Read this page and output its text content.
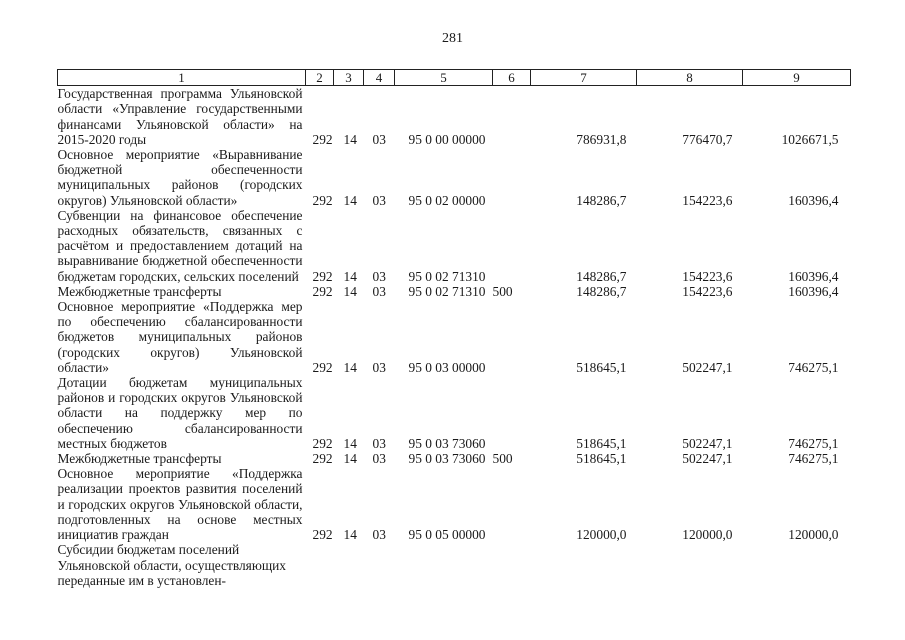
281
1	2	3	4	5	6	7	8	9
Государственная программа Ульяновской области «Управление государственными финансами Ульяновской области» на 2015-2020 годы	292	14	03	95 0 00 00000		786931,8	776470,7	1026671,5
Основное мероприятие «Выравнивание бюджетной обеспеченности муниципальных районов (городских округов) Ульяновской области»	292	14	03	95 0 02 00000		148286,7	154223,6	160396,4
Субвенции на финансовое обеспечение расходных обязательств, связанных с расчётом и предоставлением дотаций на выравнивание бюджетной обеспеченности бюджетам городских, сельских поселений	292	14	03	95 0 02 71310		148286,7	154223,6	160396,4
Межбюджетные трансферты	292	14	03	95 0 02 71310	500	148286,7	154223,6	160396,4
Основное мероприятие «Поддержка мер по обеспечению сбалансированности бюджетов муниципальных районов (городских округов) Ульяновской области»	292	14	03	95 0 03 00000		518645,1	502247,1	746275,1
Дотации бюджетам муниципальных районов и городских округов Ульяновской области на поддержку мер по обеспечению сбалансированности местных бюджетов	292	14	03	95 0 03 73060		518645,1	502247,1	746275,1
Межбюджетные трансферты	292	14	03	95 0 03 73060	500	518645,1	502247,1	746275,1
Основное мероприятие «Поддержка реализации проектов развития поселений и городских округов Ульяновской области, подготовленных на основе местных инициатив граждан	292	14	03	95 0 05 00000		120000,0	120000,0	120000,0
Субсидии бюджетам поселений Ульяновской области, осуществляющих переданные им в установлен-								
